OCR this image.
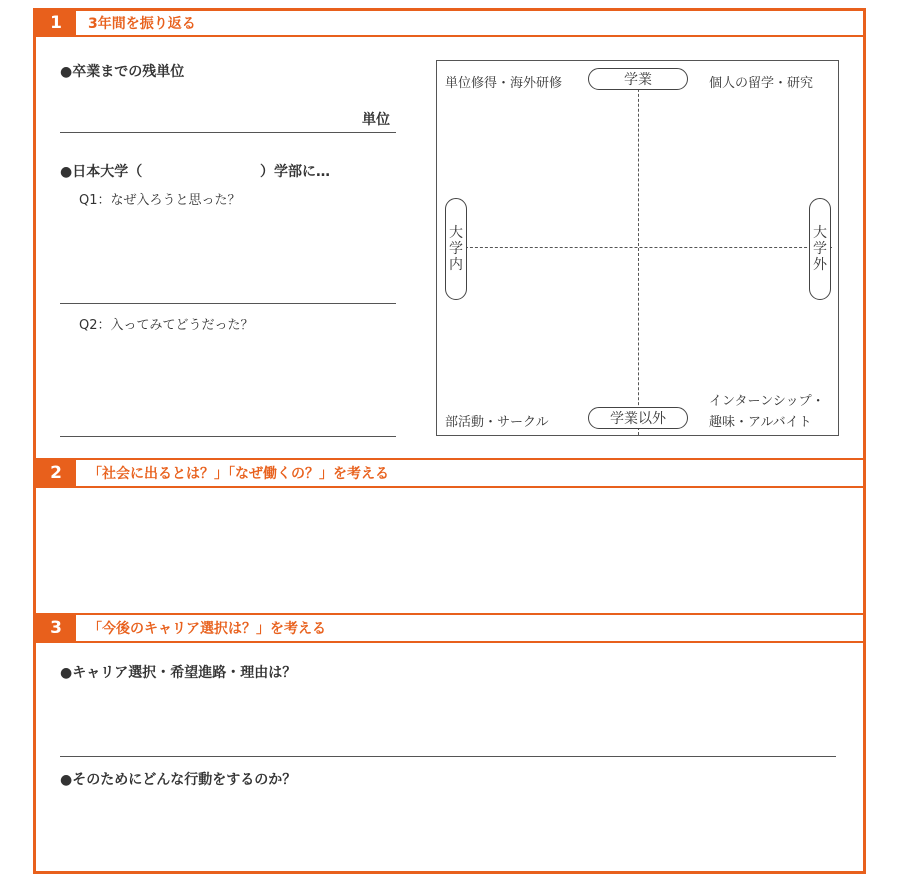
1	3年間を振り返る
●卒業までの残単位
単位
●日本大学（	）学部に…
Q1：なぜ入ろうと思った？
Q2：入ってみてどうだった？
学業
学業以外
大
学
内
大
学
外
単位修得・海外研修	個人の留学・研究
部活動・サークル
インターンシップ・
趣味・アルバイト
2	「社会に出るとは？」「なぜ働くの？」を考える
3	「今後のキャリア選択は？」を考える
●キャリア選択・希望進路・理由は？
●そのためにどんな行動をするのか？
